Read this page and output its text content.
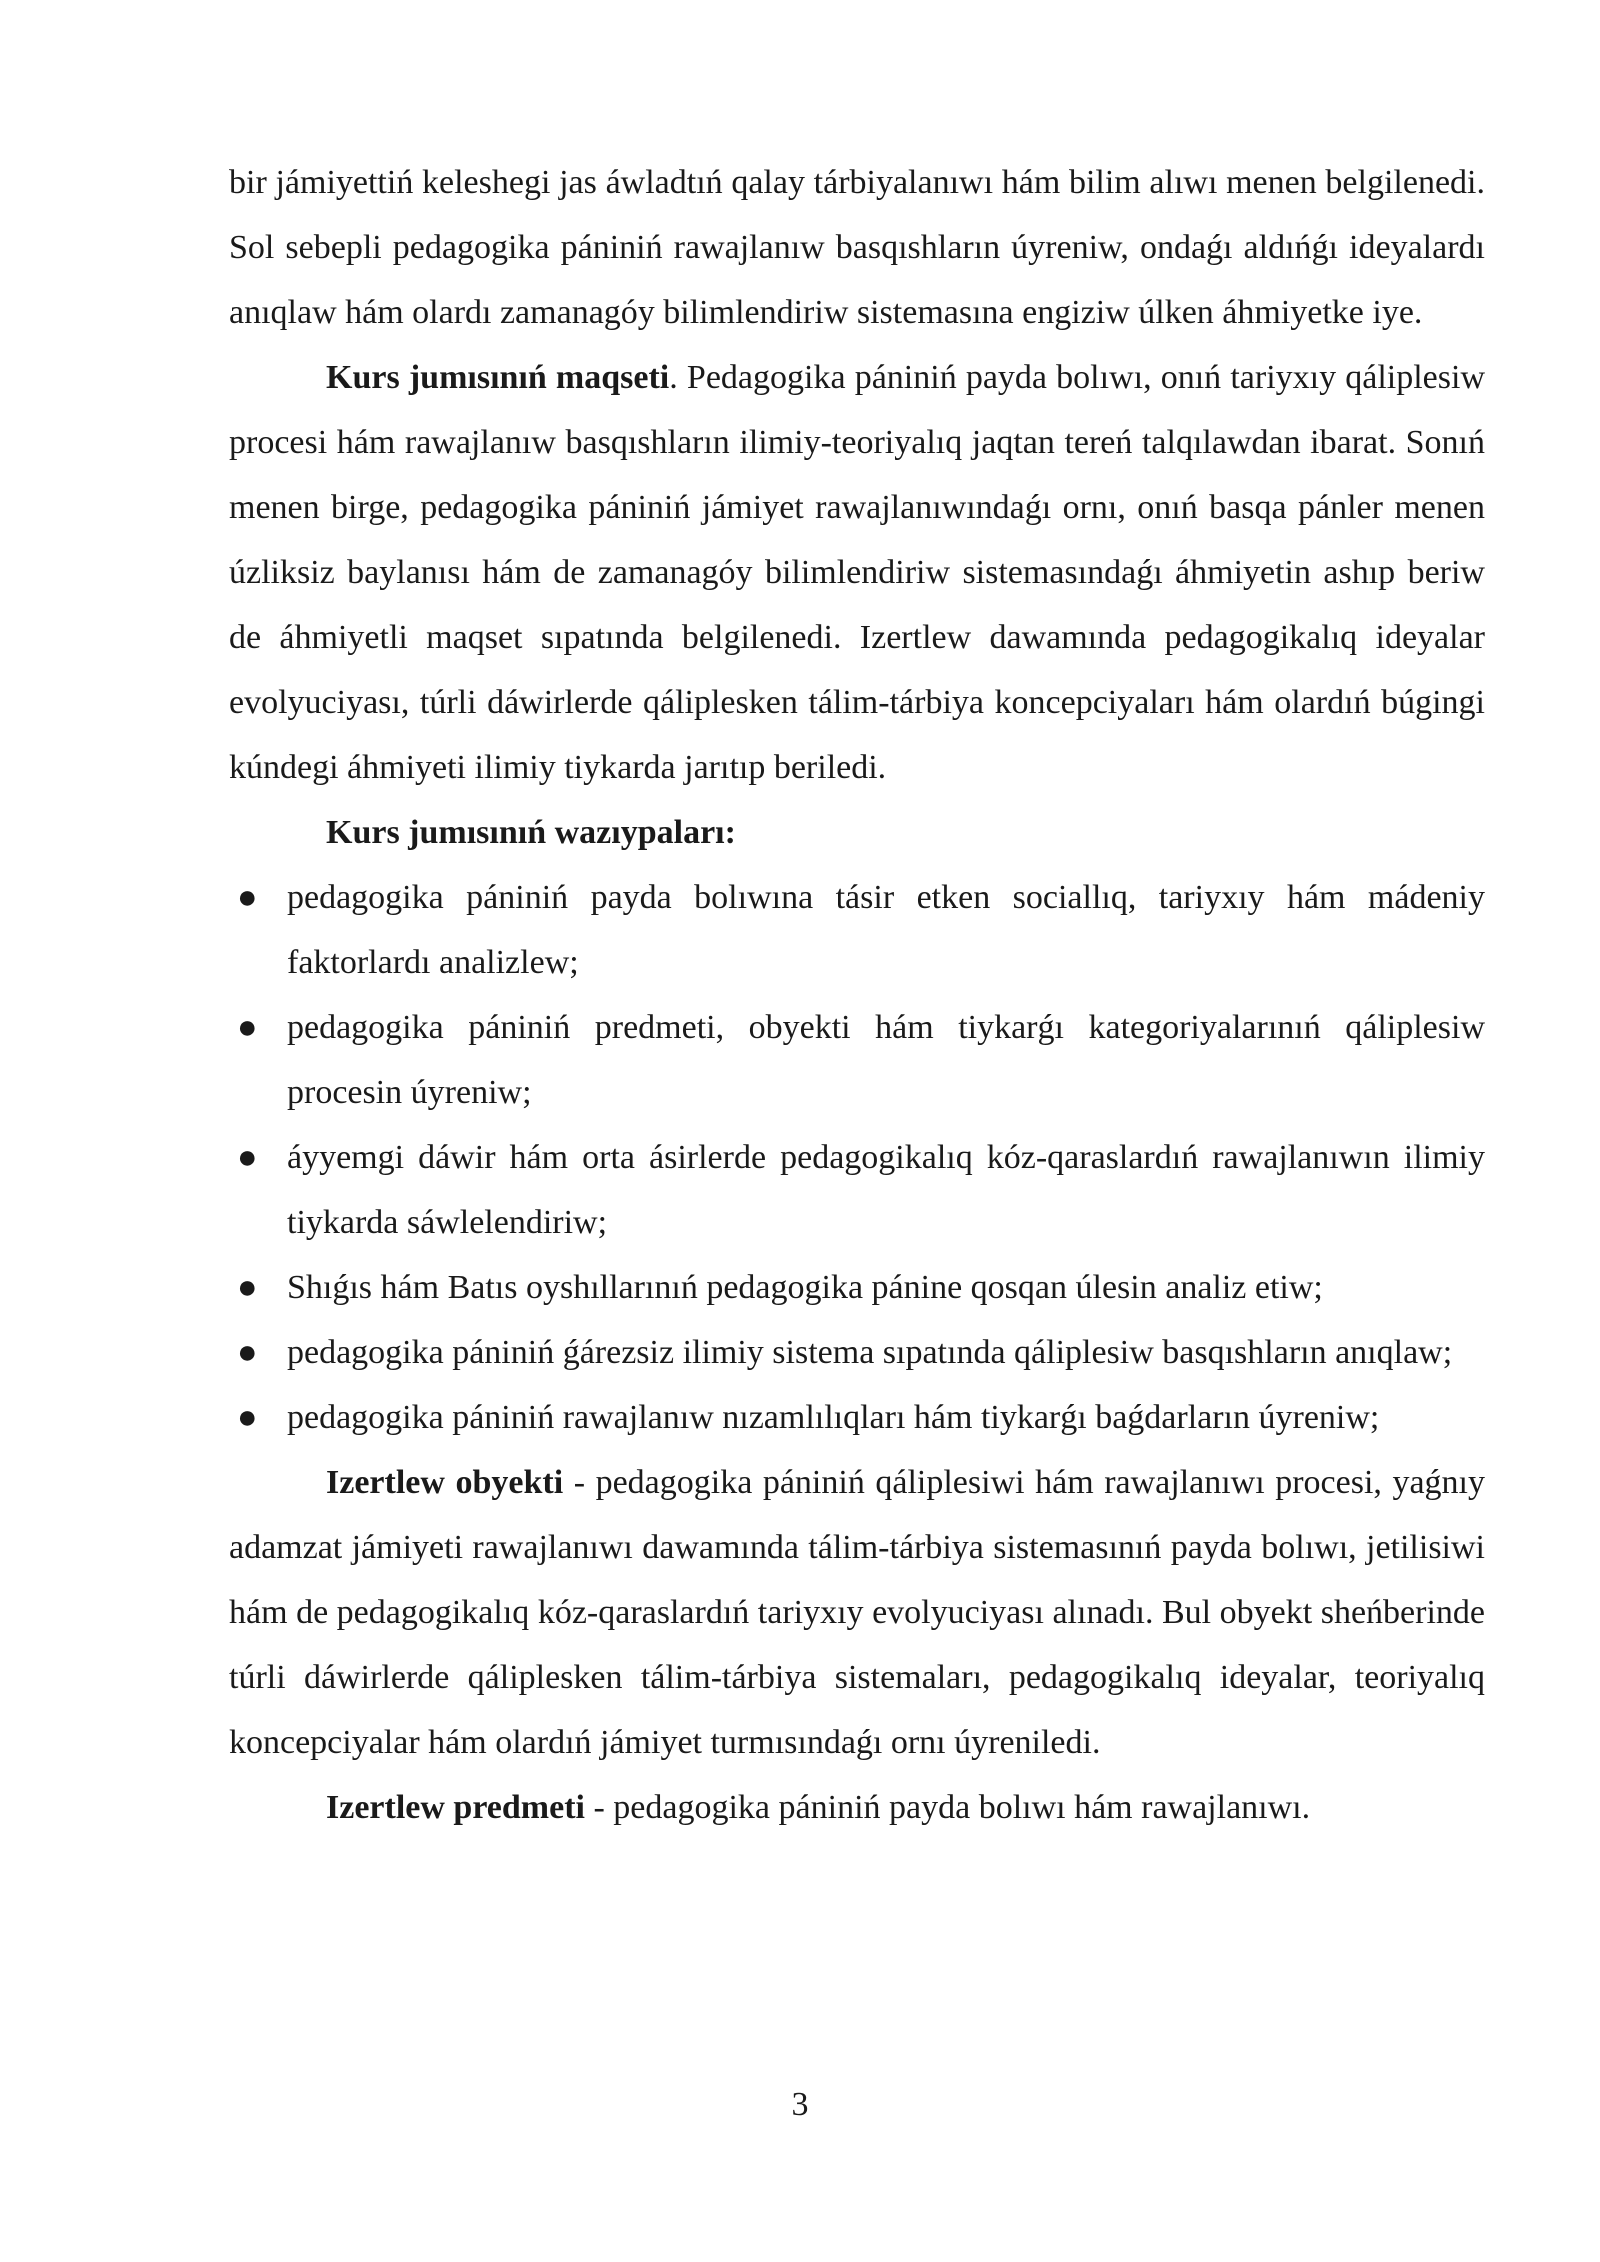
bir jámiyettiń keleshegi jas áwladtıń qalay tárbiyalanıwı hám bilim alıwı menen belgilenedi. Sol sebepli pedagogika pániniń rawajlanıw basqıshların úyreniw, ondaǵı aldıńǵı ideyalardı anıqlaw hám olardı zamanagóy bilimlendiriw sistemasına engiziw úlken áhmiyetke iye.

Kurs jumısınıń maqseti. Pedagogika pániniń payda bolıwı, onıń tariyxıy qáliplesiw procesi hám rawajlanıw basqıshların ilimiy-teoriyalıq jaqtan tereń talqılawdan ibarat. Sonıń menen birge, pedagogika pániniń jámiyet rawajlanıwındaǵı ornı, onıń basqa pánler menen úzliksiz baylanısı hám de zamanagóy bilimlendiriw sistemasındaǵı áhmiyetin ashıp beriw de áhmiyetli maqset sıpatında belgilenedi. Izertlew dawamında pedagogikalıq ideyalar evolyuciyası, túrli dáwirlerde qáliplesken tálim-tárbiya koncepciyaları hám olardıń búgingi kúndegi áhmiyeti ilimiy tiykarda jarıtıp beriledi.

Kurs jumısınıń wazıypaları:

● pedagogika pániniń payda bolıwına tásir etken sociallıq, tariyxıy hám mádeniy faktorlardı analizlew;
● pedagogika pániniń predmeti, obyekti hám tiykarǵı kategoriyalarınıń qáliplesiw procesin úyreniw;
● áyyemgi dáwir hám orta ásirlerde pedagogikalıq kóz-qaraslardıń rawajlanıwın ilimiy tiykarda sáwlelendiriw;
● Shıǵıs hám Batıs oyshıllarınıń pedagogika pánine qosqan úlesin analiz etiw;
● pedagogika pániniń ǵárezsiz ilimiy sistema sıpatında qáliplesiw basqıshların anıqlaw;
● pedagogika pániniń rawajlanıw nızamlılıqları hám tiykarǵı baǵdarların úyreniw;

Izertlew obyekti - pedagogika pániniń qáliplesiwi hám rawajlanıwı procesi, yaǵnıy adamzat jámiyeti rawajlanıwı dawamında tálim-tárbiya sistemasınıń payda bolıwı, jetilisiwi hám de pedagogikalıq kóz-qaraslardıń tariyxıy evolyuciyası alınadı. Bul obyekt sheńberinde túrli dáwirlerde qáliplesken tálim-tárbiya sistemaları, pedagogikalıq ideyalar, teoriyalıq koncepciyalar hám olardıń jámiyet turmısındaǵı ornı úyreniledi.

Izertlew predmeti - pedagogika pániniń payda bolıwı hám rawajlanıwı.

3
